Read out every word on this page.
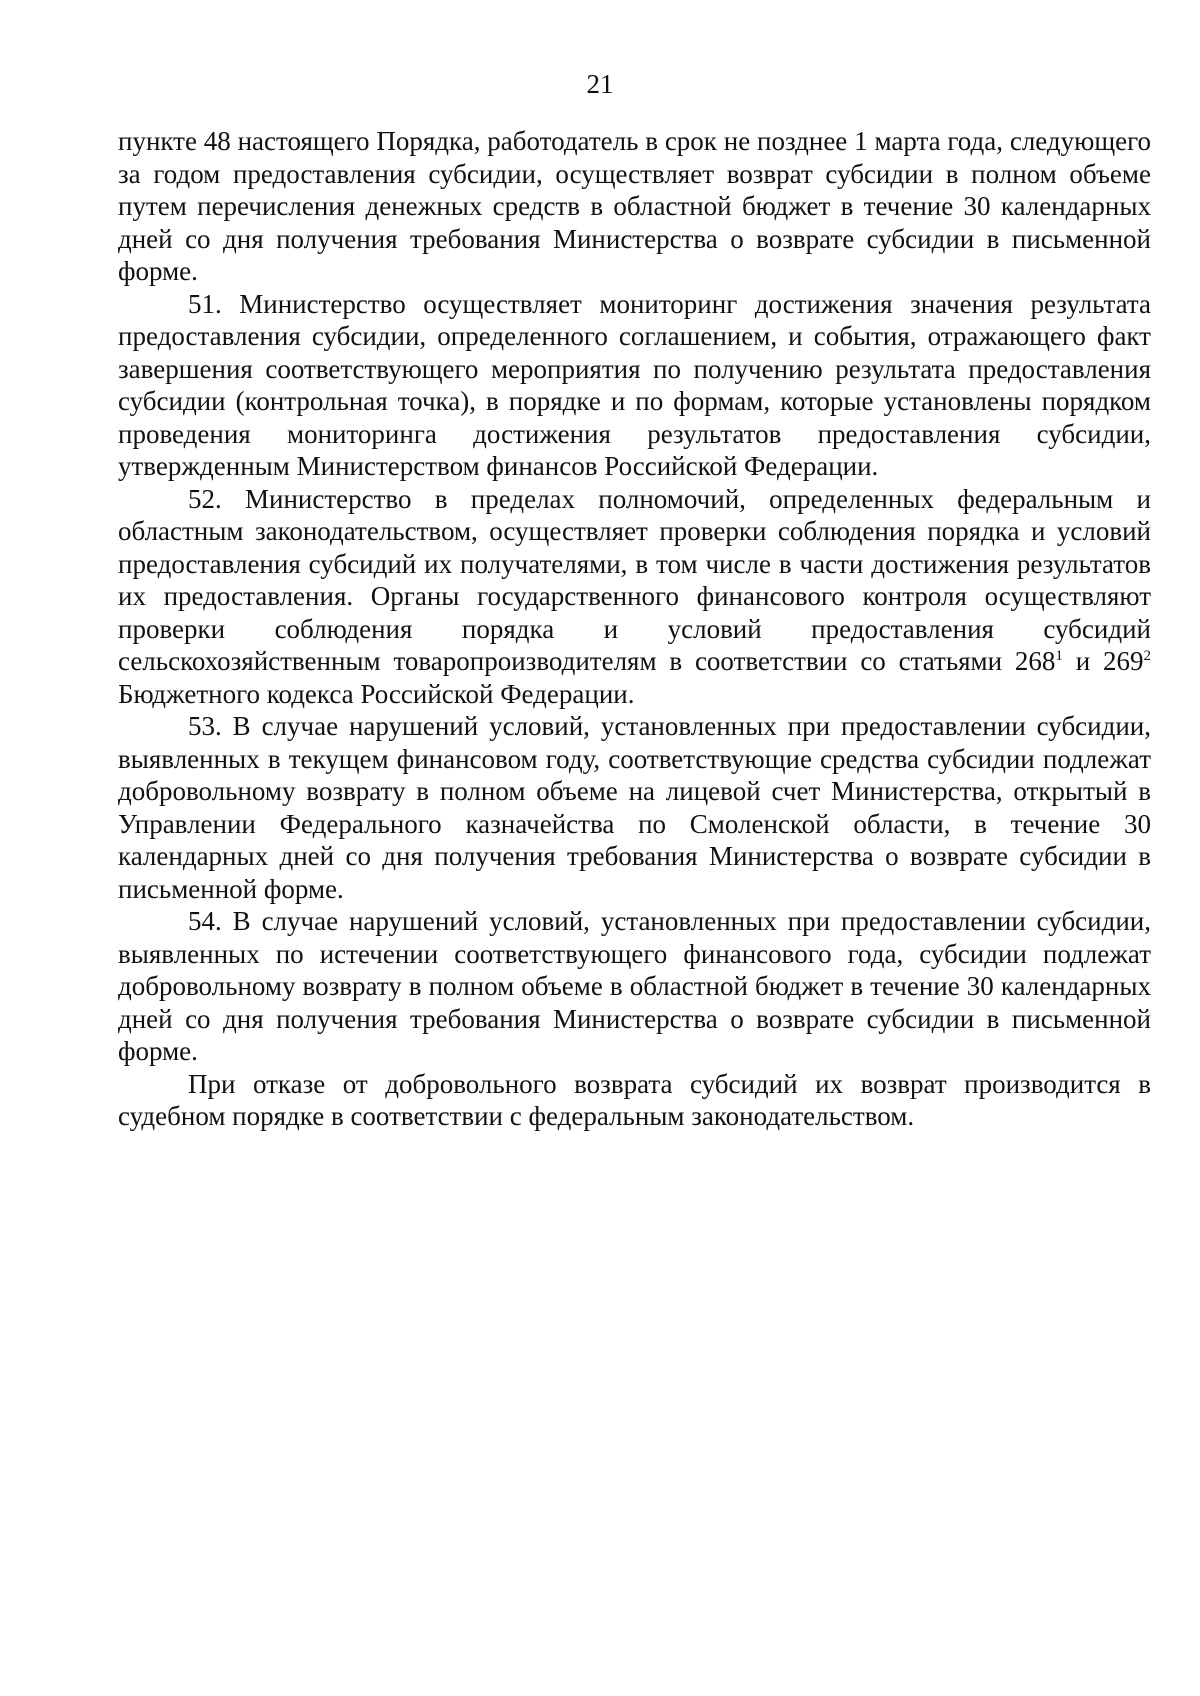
21

пункте 48 настоящего Порядка, работодатель в срок не позднее 1 марта года, следующего за годом предоставления субсидии, осуществляет возврат субсидии в полном объеме путем перечисления денежных средств в областной бюджет в течение 30 календарных дней со дня получения требования Министерства о возврате субсидии в письменной форме.

51. Министерство осуществляет мониторинг достижения значения результата предоставления субсидии, определенного соглашением, и события, отражающего факт завершения соответствующего мероприятия по получению результата предоставления субсидии (контрольная точка), в порядке и по формам, которые установлены порядком проведения мониторинга достижения результатов предоставления субсидии, утвержденным Министерством финансов Российской Федерации.

52. Министерство в пределах полномочий, определенных федеральным и областным законодательством, осуществляет проверки соблюдения порядка и условий предоставления субсидий их получателями, в том числе в части достижения результатов их предоставления. Органы государственного финансового контроля осуществляют проверки соблюдения порядка и условий предоставления субсидий сельскохозяйственным товаропроизводителям в соответствии со статьями $268^1$ и $269^2$ Бюджетного кодекса Российской Федерации.

53. В случае нарушений условий, установленных при предоставлении субсидии, выявленных в текущем финансовом году, соответствующие средства субсидии подлежат добровольному возврату в полном объеме на лицевой счет Министерства, открытый в Управлении Федерального казначейства по Смоленской области, в течение 30 календарных дней со дня получения требования Министерства о возврате субсидии в письменной форме.

54. В случае нарушений условий, установленных при предоставлении субсидии, выявленных по истечении соответствующего финансового года, субсидии подлежат добровольному возврату в полном объеме в областной бюджет в течение 30 календарных дней со дня получения требования Министерства о возврате субсидии в письменной форме.

При отказе от добровольного возврата субсидий их возврат производится в судебном порядке в соответствии с федеральным законодательством.
